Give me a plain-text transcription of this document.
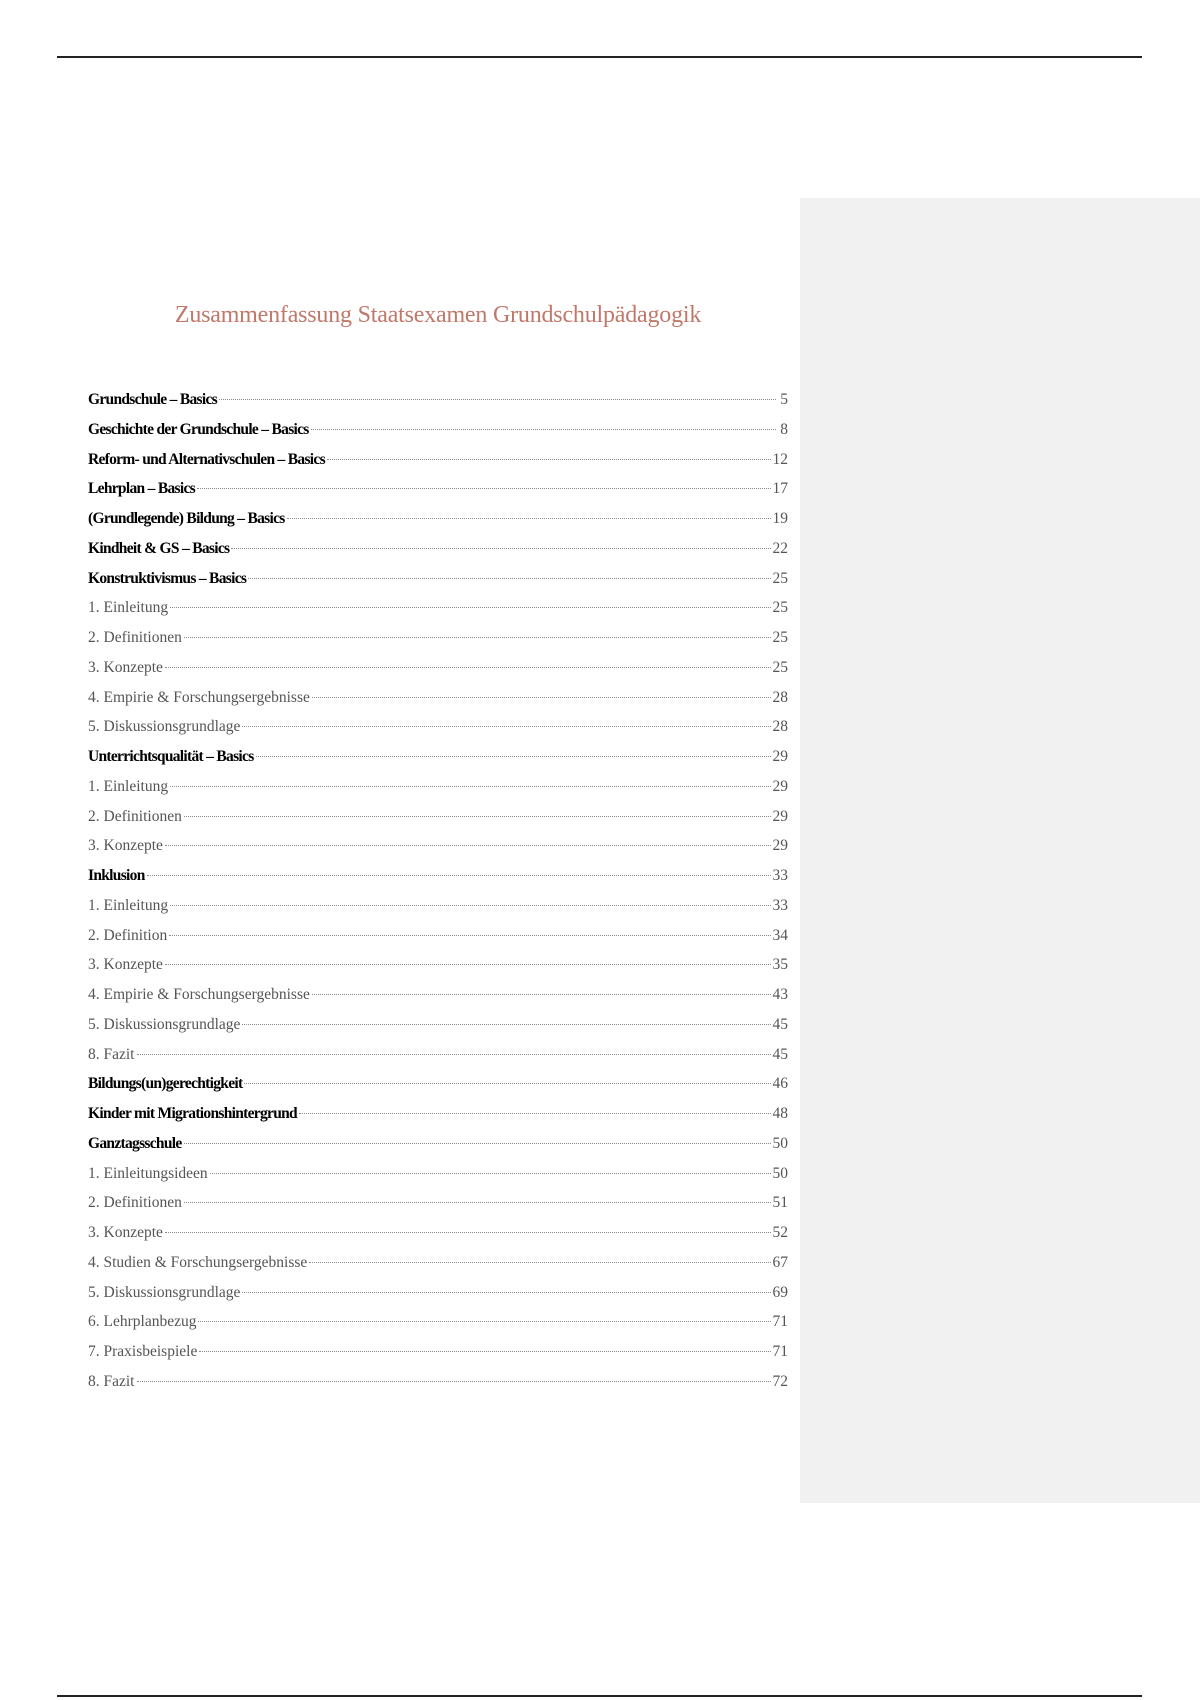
Zusammenfassung Staatsexamen Grundschulpädagogik
Grundschule – Basics	5
Geschichte der Grundschule – Basics	8
Reform- und Alternativschulen – Basics	12
Lehrplan – Basics	17
(Grundlegende) Bildung – Basics	19
Kindheit & GS – Basics	22
Konstruktivismus – Basics	25
1. Einleitung	25
2. Definitionen	25
3. Konzepte	25
4. Empirie & Forschungsergebnisse	28
5. Diskussionsgrundlage	28
Unterrichtsqualität – Basics	29
1. Einleitung	29
2. Definitionen	29
3. Konzepte	29
Inklusion	33
1. Einleitung	33
2. Definition	34
3. Konzepte	35
4. Empirie & Forschungsergebnisse	43
5. Diskussionsgrundlage	45
8. Fazit	45
Bildungs(un)gerechtigkeit	46
Kinder mit Migrationshintergrund	48
Ganztagsschule	50
1. Einleitungsideen	50
2. Definitionen	51
3. Konzepte	52
4. Studien & Forschungsergebnisse	67
5. Diskussionsgrundlage	69
6. Lehrplanbezug	71
7. Praxisbeispiele	71
8. Fazit	72
